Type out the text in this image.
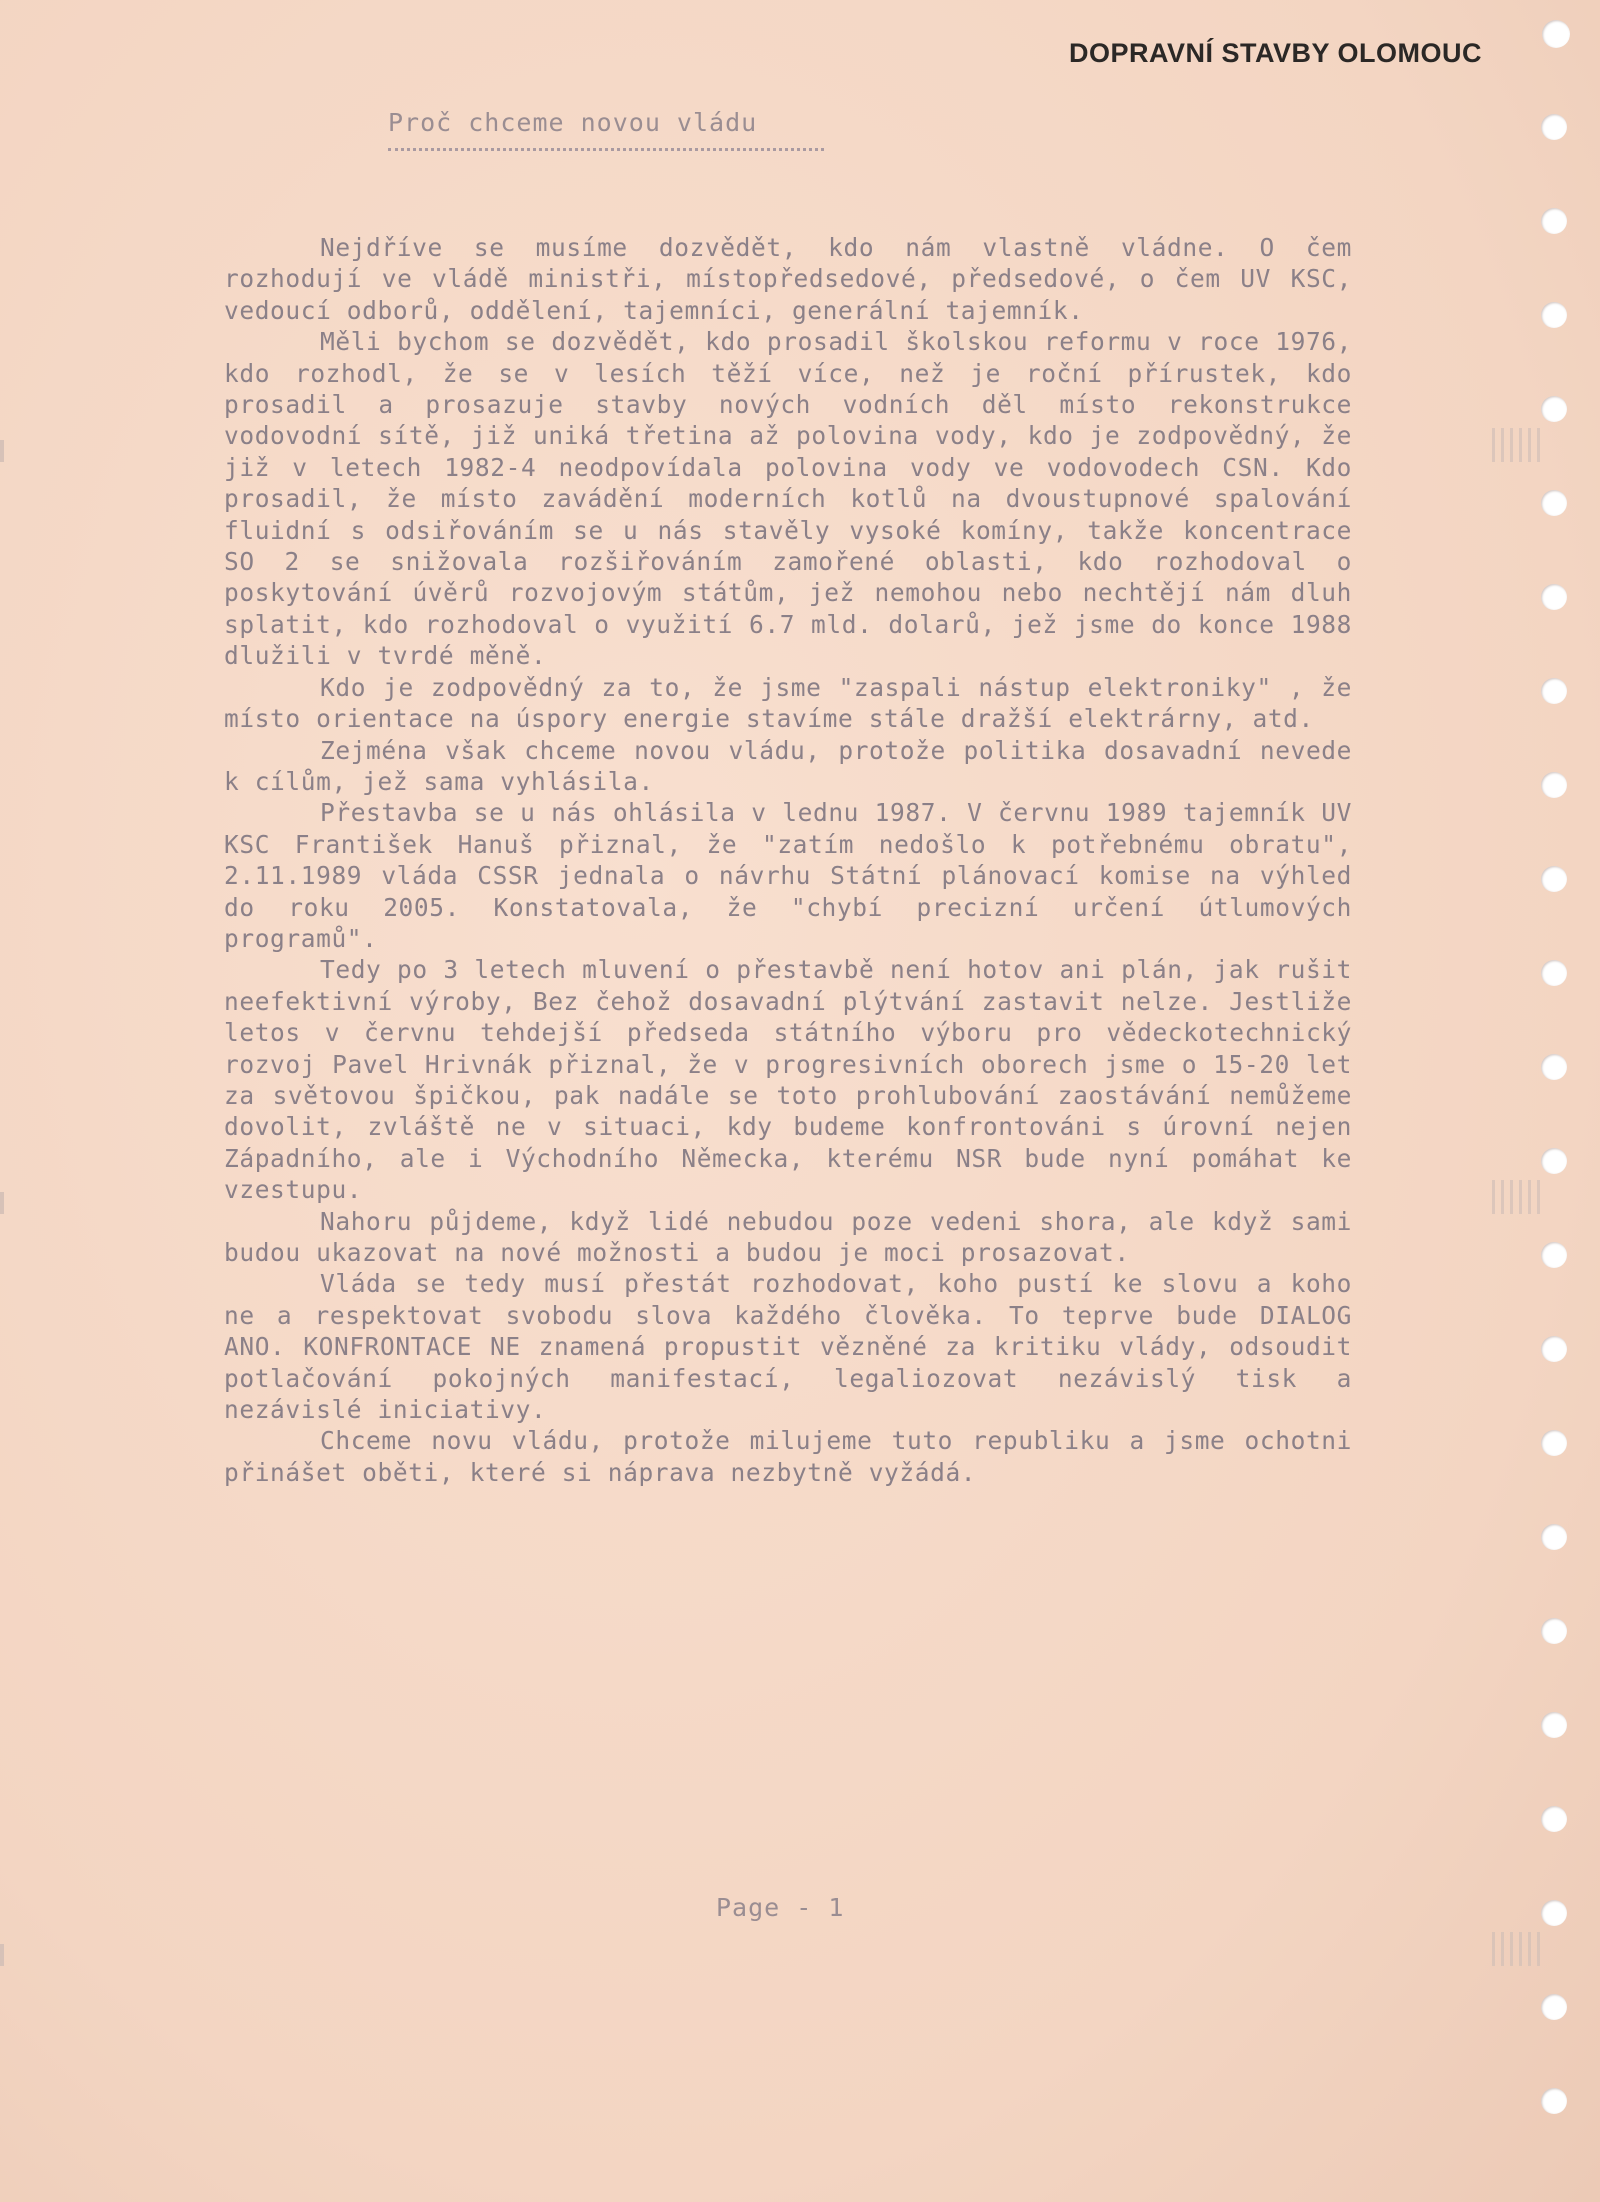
DOPRAVNÍ STAVBY OLOMOUC
Proč chceme novou vládu

Nejdříve se musíme dozvědět, kdo nám vlastně vládne. O čem rozhodují ve vládě ministři, místopředsedové, předsedové, o čem UV KSC, vedoucí odborů, oddělení, tajemníci, generální tajemník.

Měli bychom se dozvědět, kdo prosadil školskou reformu v roce 1976, kdo rozhodl, že se v lesích těží více, než je roční přírustek, kdo prosadil a prosazuje stavby nových vodních děl místo rekonstrukce vodovodní sítě, již uniká třetina až polovina vody, kdo je zodpovědný, že již v letech 1982-4 neodpovídala polovina vody ve vodovodech CSN. Kdo prosadil, že místo zavádění moderních kotlů na dvoustupnové spalování fluidní s odsiřováním se u nás stavěly vysoké komíny, takže koncentrace SO 2 se snižovala rozšiřováním zamořené oblasti, kdo rozhodoval o poskytování úvěrů rozvojovým státům, jež nemohou nebo nechtějí nám dluh splatit, kdo rozhodoval o využití 6.7 mld. dolarů, jež jsme do konce 1988 dlužili v tvrdé měně.

Kdo je zodpovědný za to, že jsme "zaspali nástup elektroniky" , že místo orientace na úspory energie stavíme stále dražší elektrárny, atd.

Zejména však chceme novou vládu, protože politika dosavadní nevede k cílům, jež sama vyhlásila.

Přestavba se u nás ohlásila v lednu 1987. V červnu 1989 tajemník UV KSC František Hanuš přiznal, že "zatím nedošlo k potřebnému obratu", 2.11.1989 vláda CSSR jednala o návrhu Státní plánovací komise na výhled do roku 2005. Konstatovala, že "chybí precizní určení útlumových programů".

Tedy po 3 letech mluvení o přestavbě není hotov ani plán, jak rušit neefektivní výroby, Bez čehož dosavadní plýtvání zastavit nelze. Jestliže letos v červnu tehdejší předseda státního výboru pro vědeckotechnický rozvoj Pavel Hrivnák přiznal, že v progresivních oborech jsme o 15-20 let za světovou špičkou, pak nadále se toto prohlubování zaostávání nemůžeme dovolit, zvláště ne v situaci, kdy budeme konfrontováni s úrovní nejen Západního, ale i Východního Německa, kterému NSR bude nyní pomáhat ke vzestupu.

Nahoru půjdeme, když lidé nebudou poze vedeni shora, ale když sami budou ukazovat na nové možnosti a budou je moci prosazovat.

Vláda se tedy musí přestát rozhodovat, koho pustí ke slovu a koho ne a respektovat svobodu slova každého člověka. To teprve bude DIALOG ANO. KONFRONTACE NE znamená propustit vězněné za kritiku vlády, odsoudit potlačování pokojných manifestací, legaliozovat nezávislý tisk a nezávislé iniciativy.

Chceme novu vládu, protože milujeme tuto republiku a jsme ochotni přinášet oběti, které si náprava nezbytně vyžádá.

Page - 1
